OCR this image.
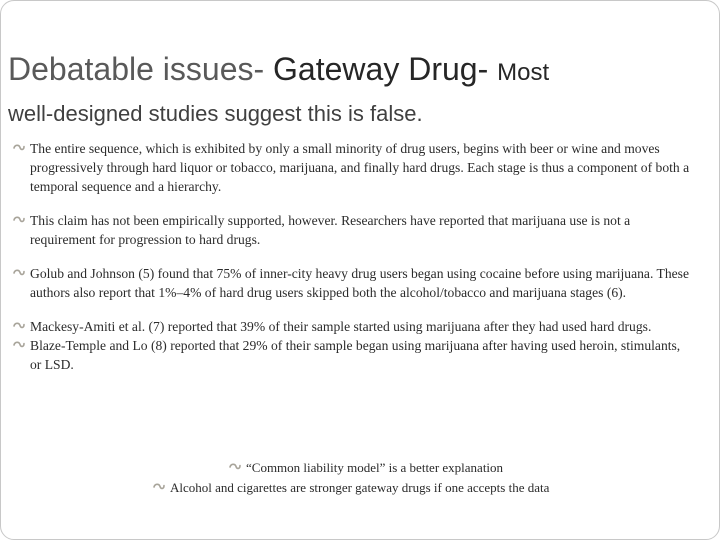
Debatable issues- Gateway Drug- Most
well-designed studies suggest this is false.
The entire sequence, which is exhibited by only a small minority of drug users, begins with beer or wine and moves progressively through hard liquor or tobacco, marijuana, and finally hard drugs. Each stage is thus a component of both a temporal sequence and a hierarchy.
This claim has not been empirically supported, however. Researchers have reported that marijuana use is not a requirement for progression to hard drugs.
Golub and Johnson (5) found that 75% of inner-city heavy drug users began using cocaine before using marijuana. These authors also report that 1%–4% of hard drug users skipped both the alcohol/tobacco and marijuana stages (6).
Mackesy-Amiti et al. (7) reported that 39% of their sample started using marijuana after they had used hard drugs.
Blaze-Temple and Lo (8) reported that 29% of their sample began using marijuana after having used heroin, stimulants, or LSD.
“Common liability model” is a better explanation
Alcohol and cigarettes are stronger gateway drugs if one accepts the data
